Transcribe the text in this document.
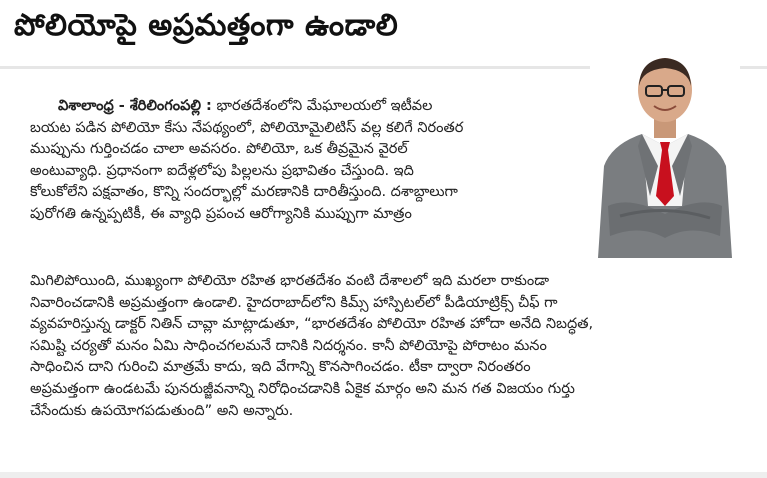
పోలియోపై అప్రమత్తంగా ఉండాలి

విశాలాంధ్ర - శేరిలింగంపల్లి : భారతదేశంలోని మేఘాలయలో ఇటీవల

బయట పడిన పోలియో కేసు నేపథ్యంలో, పోలియోమైలిటిస్ వల్ల కలిగే నిరంతర

ముప్పును గుర్తించడం చాలా అవసరం. పోలియో, ఒక తీవ్రమైన వైరల్

అంటువ్యాధి. ప్రధానంగా ఐదేళ్లలోపు పిల్లలను ప్రభావితం చేస్తుంది. ఇది

కోలుకోలేని పక్షవాతం, కొన్ని సందర్భాల్లో మరణానికి దారితీస్తుంది. దశాబ్దాలుగా

పురోగతి ఉన్నప్పటికీ, ఈ వ్యాధి ప్రపంచ ఆరోగ్యానికి ముప్పుగా మాత్రం

మిగిలిపోయింది, ముఖ్యంగా పోలియో రహిత భారతదేశం వంటి దేశాలలో ఇది మరలా రాకుండా

నివారించడానికి అప్రమత్తంగా ఉండాలి. హైదరాబాద్‌లోని కిమ్స్ హాస్పిటల్‌లో పీడియాట్రిక్స్ చీఫ్ గా

వ్యవహరిస్తున్న డాక్టర్ నితిన్ చావ్లా మాట్లాడుతూ, “భారతదేశం పోలియో రహిత హోదా అనేది నిబద్ధత,

సమిష్టి చర్యతో మనం ఏమి సాధించగలమనే దానికి నిదర్శనం. కానీ పోలియోపై పోరాటం మనం

సాధించిన దాని గురించి మాత్రమే కాదు, ఇది వేగాన్ని కొనసాగించడం. టీకా ద్వారా నిరంతరం

అప్రమత్తంగా ఉండటమే పునరుజ్జీవనాన్ని నిరోధించడానికి ఏకైక మార్గం అని మన గత విజయం గుర్తు

చేసేందుకు ఉపయోగపడుతుంది” అని అన్నారు.
